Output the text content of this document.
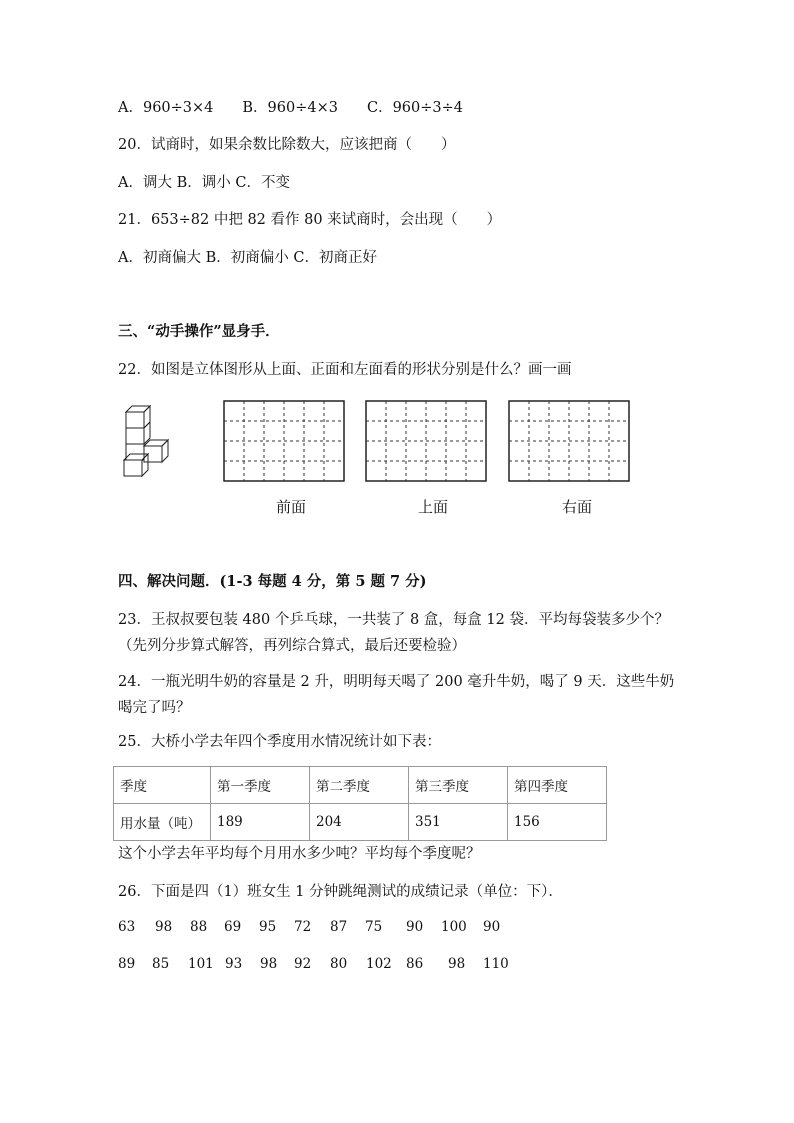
A．960÷3×4　　B．960÷4×3　　C．960÷3÷4
20．试商时，如果余数比除数大，应该把商（　　）
A．调大 B．调小 C．不变
21．653÷82 中把 82 看作 80 来试商时，会出现（　　）
A．初商偏大 B．初商偏小 C．初商正好
三、“动手操作”显身手．
22．如图是立体图形从上面、正面和左面看的形状分别是什么？画一画
前面	上面	右面
四、解决问题．(1-3 每题 4 分，第 5 题 7 分)
23．王叔叔要包装 480 个乒乓球，一共装了 8 盒，每盒 12 袋．平均每袋装多少个？（先列分步算式解答，再列综合算式，最后还要检验）
24．一瓶光明牛奶的容量是 2 升，明明每天喝了 200 毫升牛奶，喝了 9 天．这些牛奶喝完了吗？
25．大桥小学去年四个季度用水情况统计如下表：
季度	第一季度	第二季度	第三季度	第四季度
用水量（吨）	189	204	351	156
这个小学去年平均每个月用水多少吨？平均每个季度呢？
26．下面是四（1）班女生 1 分钟跳绳测试的成绩记录（单位：下）．
63 98 88 69 95 72 87 75 90 100 90
89 85 101 93 98 92 80 102 86 98 110
